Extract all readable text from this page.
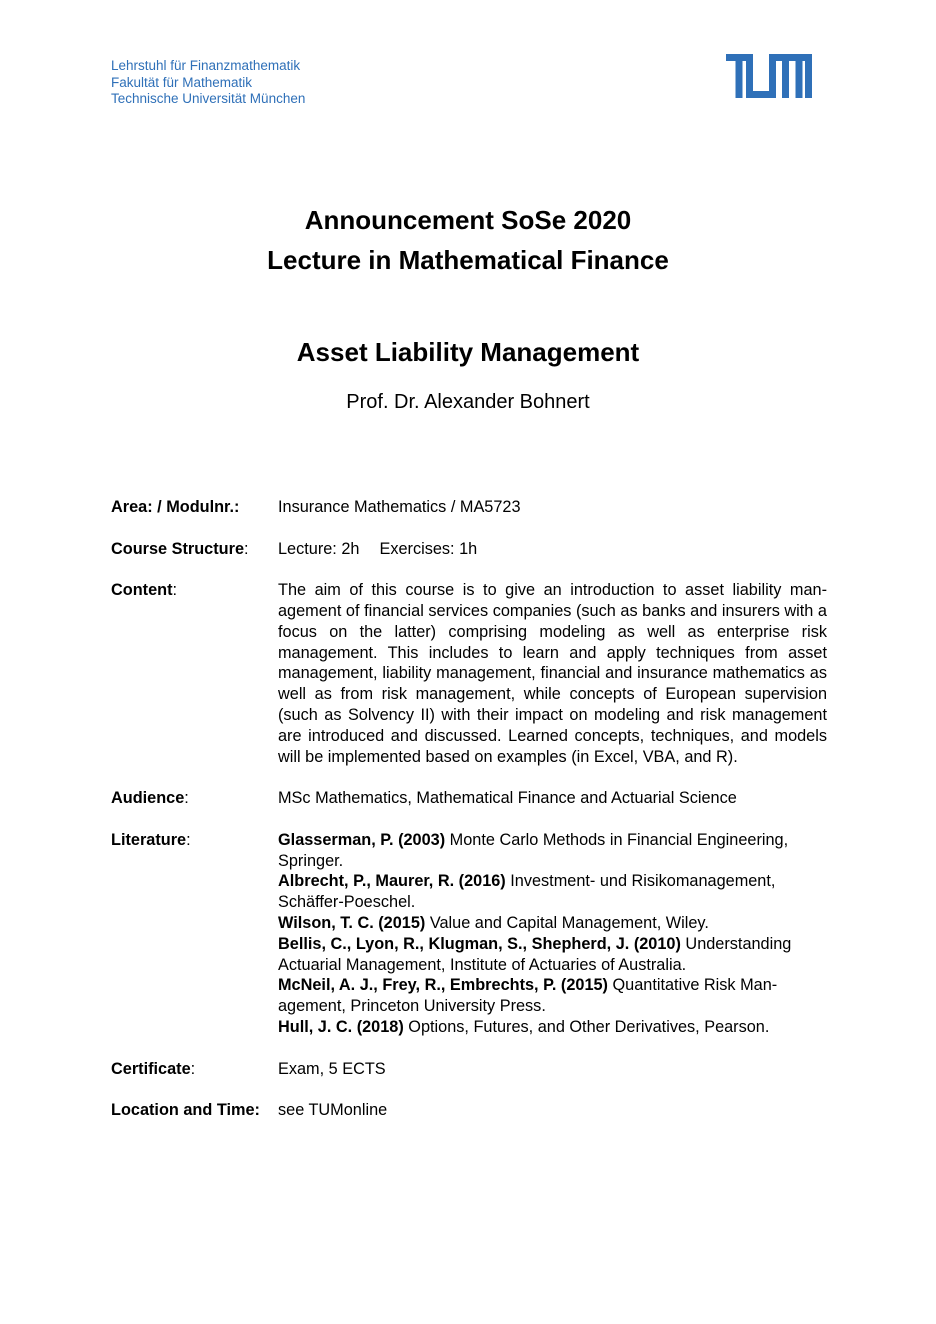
Lehrstuhl für Finanzmathematik
Fakultät für Mathematik
Technische Universität München
Announcement SoSe 2020
Lecture in Mathematical Finance
Asset Liability Management
Prof. Dr. Alexander Bohnert
Area: / Modulnr.:	Insurance Mathematics / MA5723
Course Structure:	Lecture: 2h Exercises: 1h
Content:	The aim of this course is to give an introduction to asset liability management of financial services companies (such as banks and insurers with a focus on the latter) comprising modeling as well as enterprise risk management. This includes to learn and apply techniques from asset management, liability management, financial and insurance mathematics as well as from risk management, while concepts of European supervision (such as Solvency II) with their impact on modeling and risk management are introduced and discussed. Learned concepts, techniques, and models will be implemented based on examples (in Excel, VBA, and R).
Audience:	MSc Mathematics, Mathematical Finance and Actuarial Science
Literature:	Glasserman, P. (2003) Monte Carlo Methods in Financial Engineering, Springer.
Albrecht, P., Maurer, R. (2016) Investment- und Risikomanagement, Schäffer-Poeschel.
Wilson, T. C. (2015) Value and Capital Management, Wiley.
Bellis, C., Lyon, R., Klugman, S., Shepherd, J. (2010) Understanding Actuarial Management, Institute of Actuaries of Australia.
McNeil, A. J., Frey, R., Embrechts, P. (2015) Quantitative Risk Management, Princeton University Press.
Hull, J. C. (2018) Options, Futures, and Other Derivatives, Pearson.
Certificate:	Exam, 5 ECTS
Location and Time:	see TUMonline
